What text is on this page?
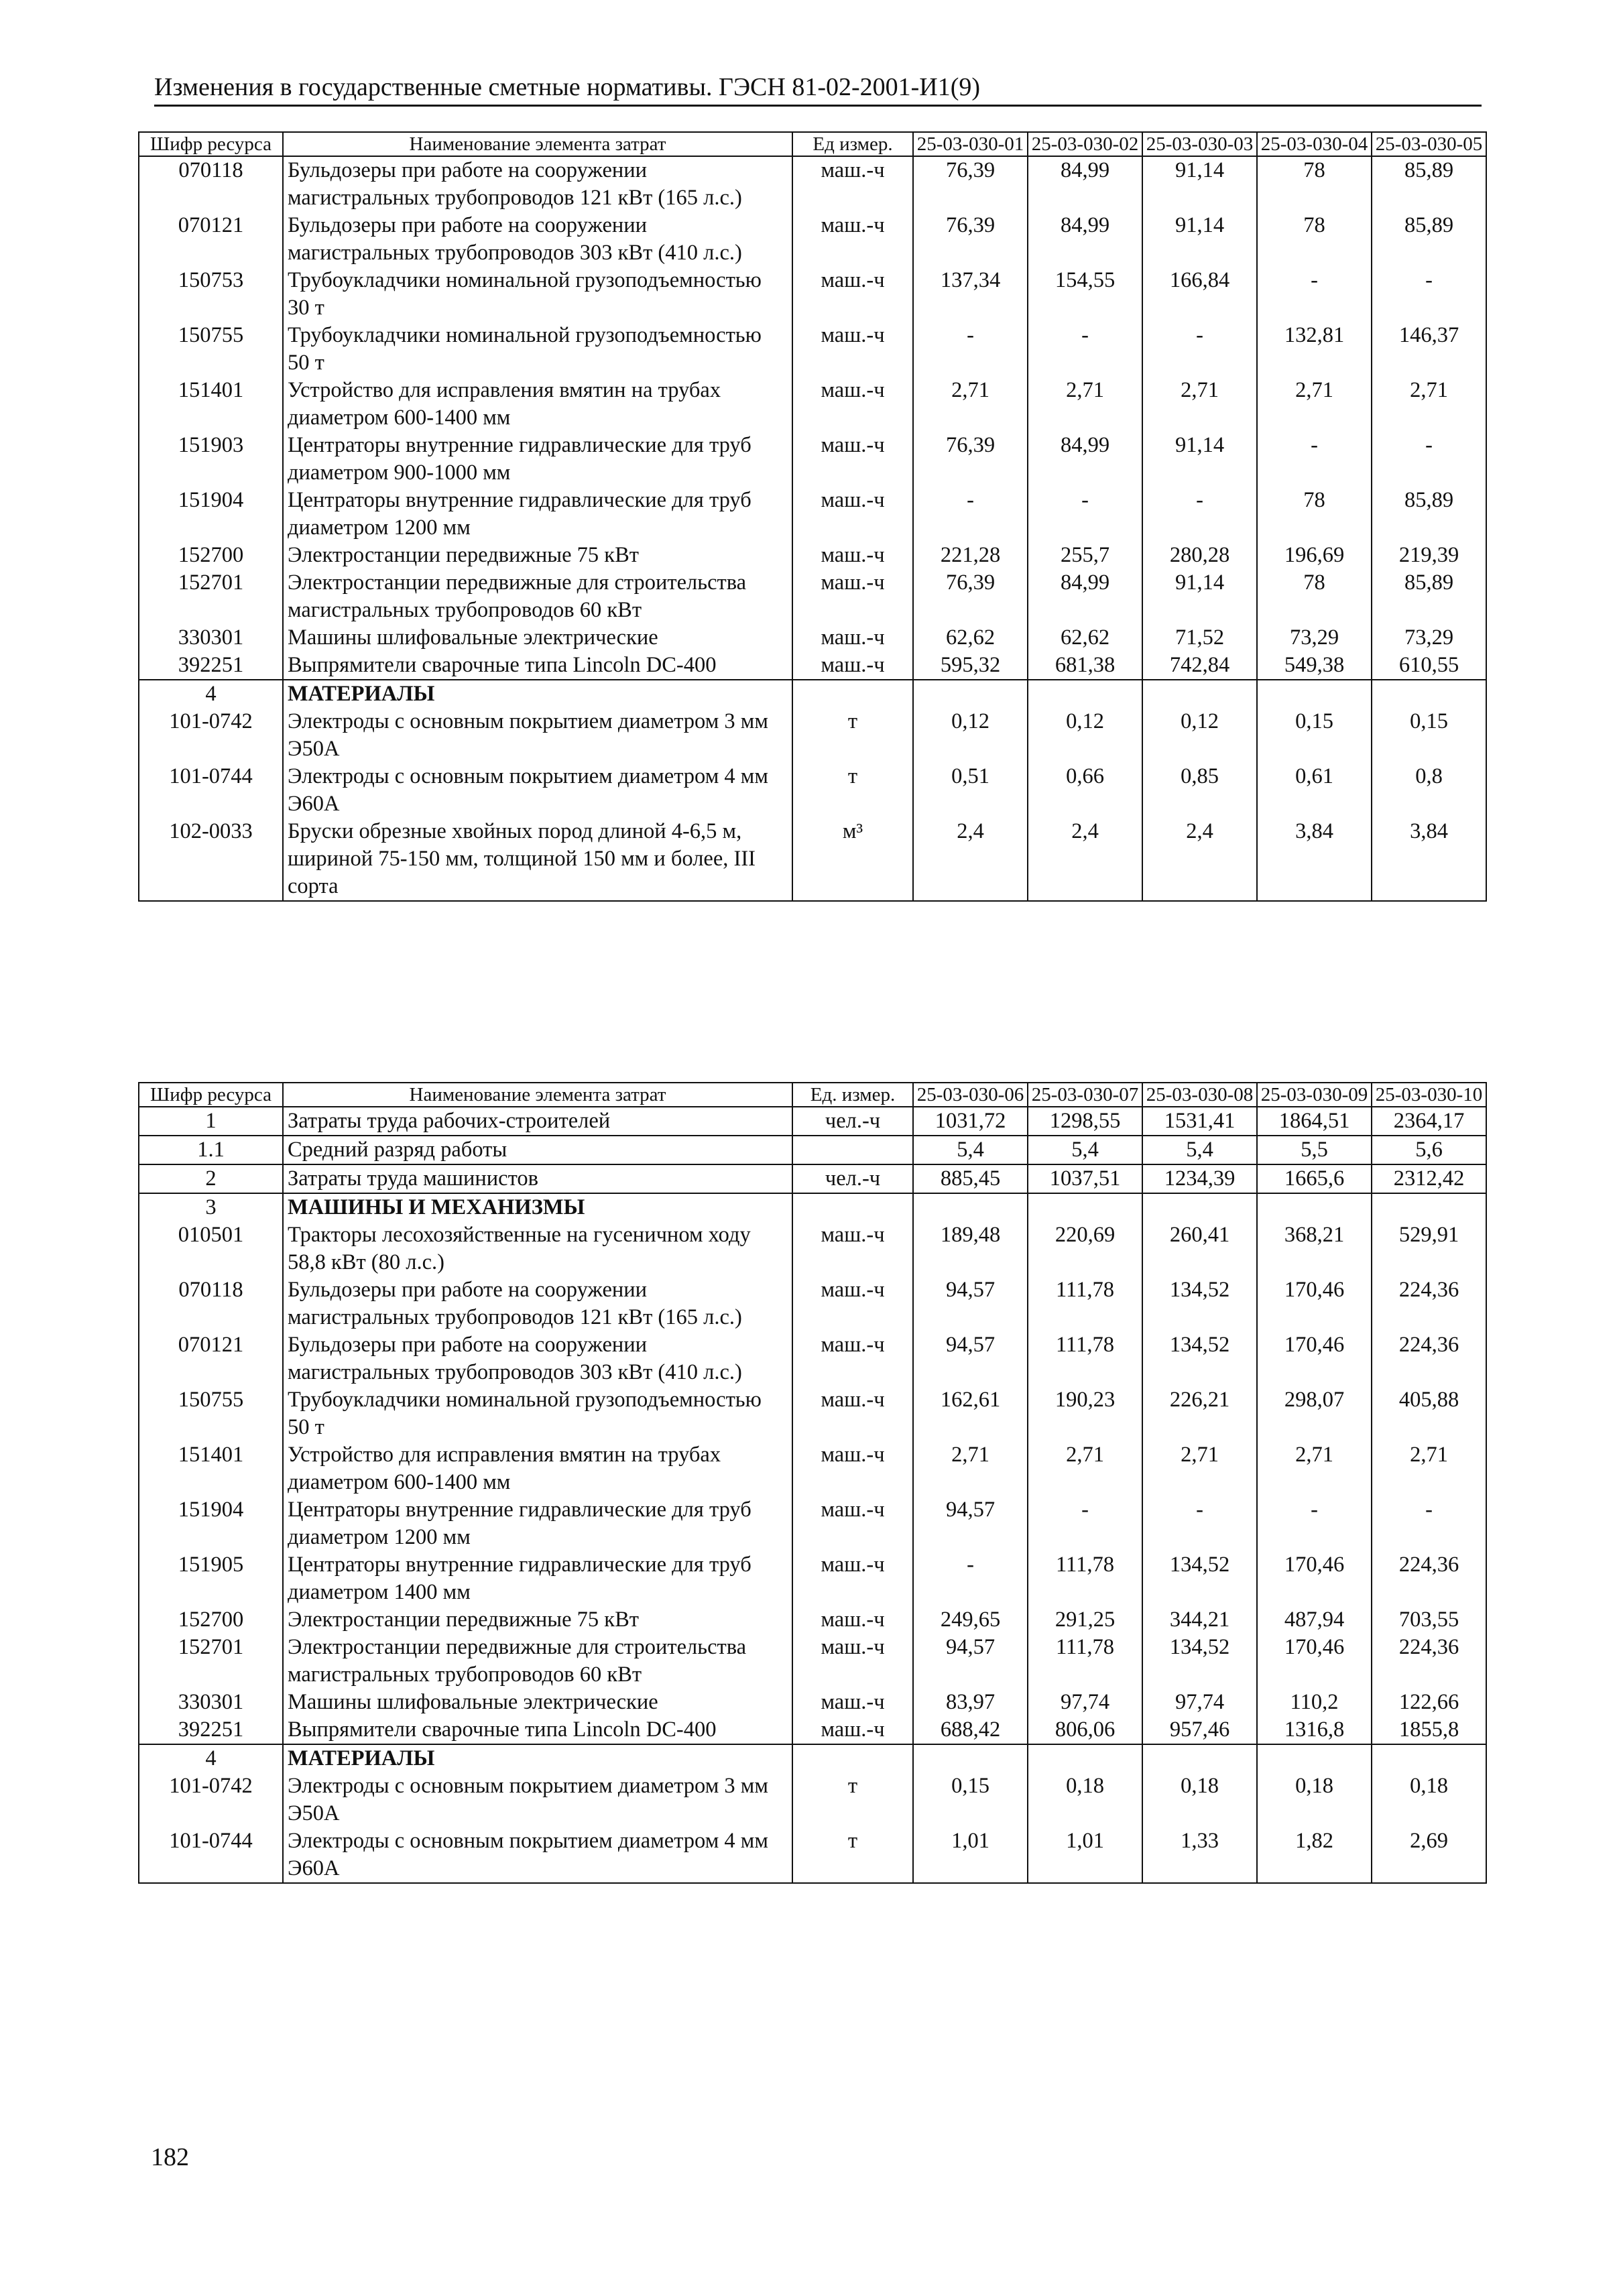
Изменения в государственные сметные нормативы. ГЭСН 81-02-2001-И1(9)
Шифр ресурса	Наименование элемента затрат	Ед измер.	25-03-030-01	25-03-030-02	25-03-030-03	25-03-030-04	25-03-030-05
070118	Бульдозеры при работе на сооружении магистральных трубопроводов 121 кВт (165 л.с.)	маш.-ч	76,39	84,99	91,14	78	85,89
070121	Бульдозеры при работе на сооружении магистральных трубопроводов 303 кВт (410 л.с.)	маш.-ч	76,39	84,99	91,14	78	85,89
150753	Трубоукладчики номинальной грузоподъемностью 30 т	маш.-ч	137,34	154,55	166,84	-	-
150755	Трубоукладчики номинальной грузоподъемностью 50 т	маш.-ч	-	-	-	132,81	146,37
151401	Устройство для исправления вмятин на трубах диаметром 600-1400 мм	маш.-ч	2,71	2,71	2,71	2,71	2,71
151903	Центраторы внутренние гидравлические для труб диаметром 900-1000 мм	маш.-ч	76,39	84,99	91,14	-	-
151904	Центраторы внутренние гидравлические для труб диаметром 1200 мм	маш.-ч	-	-	-	78	85,89
152700	Электростанции передвижные 75 кВт	маш.-ч	221,28	255,7	280,28	196,69	219,39
152701	Электростанции передвижные для строительства магистральных трубопроводов 60 кВт	маш.-ч	76,39	84,99	91,14	78	85,89
330301	Машины шлифовальные электрические	маш.-ч	62,62	62,62	71,52	73,29	73,29
392251	Выпрямители сварочные типа Lincoln DC-400	маш.-ч	595,32	681,38	742,84	549,38	610,55
4	МАТЕРИАЛЫ						
101-0742	Электроды с основным покрытием диаметром 3 мм Э50А	т	0,12	0,12	0,12	0,15	0,15
101-0744	Электроды с основным покрытием диаметром 4 мм Э60А	т	0,51	0,66	0,85	0,61	0,8
102-0033	Бруски обрезные хвойных пород длиной 4-6,5 м, шириной 75-150 мм, толщиной 150 мм и более, III сорта	м³	2,4	2,4	2,4	3,84	3,84
Шифр ресурса	Наименование элемента затрат	Ед. измер.	25-03-030-06	25-03-030-07	25-03-030-08	25-03-030-09	25-03-030-10
1	Затраты труда рабочих-строителей	чел.-ч	1031,72	1298,55	1531,41	1864,51	2364,17
1.1	Средний разряд работы		5,4	5,4	5,4	5,5	5,6
2	Затраты труда машинистов	чел.-ч	885,45	1037,51	1234,39	1665,6	2312,42
3	МАШИНЫ И МЕХАНИЗМЫ						
010501	Тракторы лесохозяйственные на гусеничном ходу 58,8 кВт (80 л.с.)	маш.-ч	189,48	220,69	260,41	368,21	529,91
070118	Бульдозеры при работе на сооружении магистральных трубопроводов 121 кВт (165 л.с.)	маш.-ч	94,57	111,78	134,52	170,46	224,36
070121	Бульдозеры при работе на сооружении магистральных трубопроводов 303 кВт (410 л.с.)	маш.-ч	94,57	111,78	134,52	170,46	224,36
150755	Трубоукладчики номинальной грузоподъемностью 50 т	маш.-ч	162,61	190,23	226,21	298,07	405,88
151401	Устройство для исправления вмятин на трубах диаметром 600-1400 мм	маш.-ч	2,71	2,71	2,71	2,71	2,71
151904	Центраторы внутренние гидравлические для труб диаметром 1200 мм	маш.-ч	94,57	-	-	-	-
151905	Центраторы внутренние гидравлические для труб диаметром 1400 мм	маш.-ч	-	111,78	134,52	170,46	224,36
152700	Электростанции передвижные 75 кВт	маш.-ч	249,65	291,25	344,21	487,94	703,55
152701	Электростанции передвижные для строительства магистральных трубопроводов 60 кВт	маш.-ч	94,57	111,78	134,52	170,46	224,36
330301	Машины шлифовальные электрические	маш.-ч	83,97	97,74	97,74	110,2	122,66
392251	Выпрямители сварочные типа Lincoln DC-400	маш.-ч	688,42	806,06	957,46	1316,8	1855,8
4	МАТЕРИАЛЫ						
101-0742	Электроды с основным покрытием диаметром 3 мм Э50А	т	0,15	0,18	0,18	0,18	0,18
101-0744	Электроды с основным покрытием диаметром 4 мм Э60А	т	1,01	1,01	1,33	1,82	2,69
182
